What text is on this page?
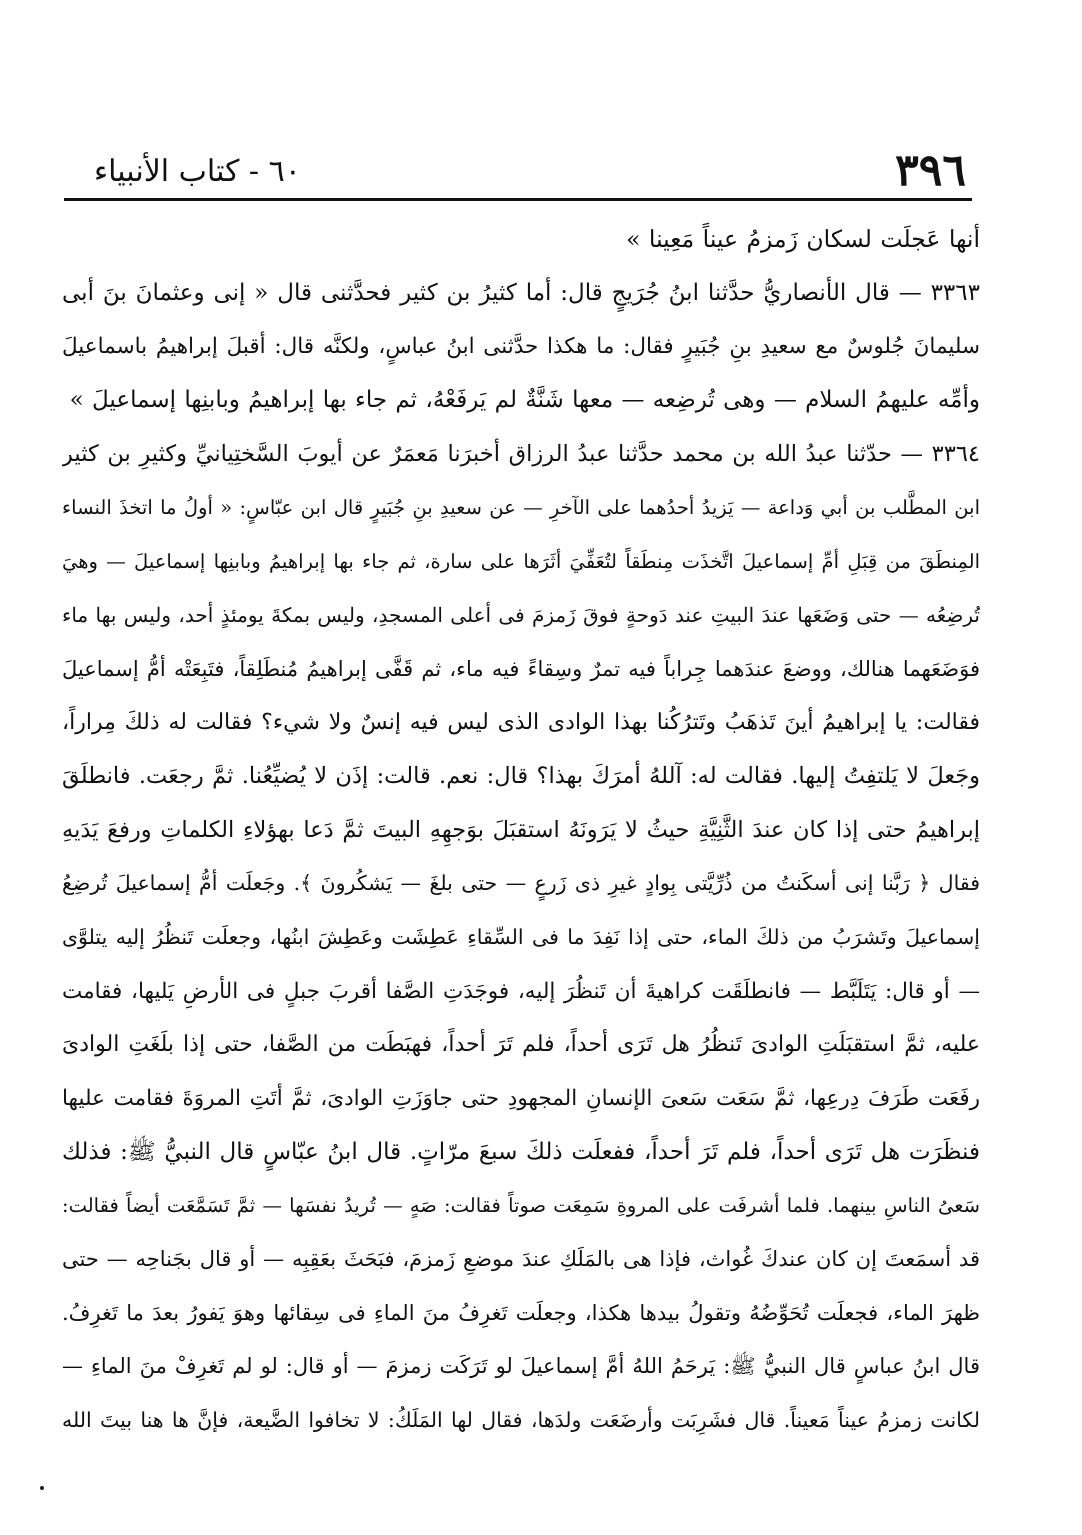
٣٩٦
٦٠ - كتاب الأنبياء
أنها عَجلَت لسكان زَمزمُ عيناً مَعِينا »
٣٣٦٣ — قال الأنصاريُّ حدَّثنا ابنُ جُرَيجٍ قال: أما كثيرُ بن كثير فحدَّثنى قال « إنى وعثمانَ بنَ أبى
سليمانَ جُلوسٌ مع سعيدِ بنِ جُبَيرٍ فقال: ما هكذا حدَّثنى ابنُ عباسٍ، ولكنَّه قال: أقبلَ إبراهيمُ باسماعيلَ
وأمِّه عليهمُ السلام — وهى تُرضِعه — معها شَنَّةٌ لم يَرفَعْهُ، ثم جاء بها إبراهيمُ وبابنِها إسماعيلَ »
٣٣٦٤ — حدّثنا عبدُ الله بن محمد حدَّثنا عبدُ الرزاق أخبرَنا مَعمَرٌ عن أيوبَ السَّختِيانيِّ وكثيرِ بن كثير
ابن المطَّلب بن أبي وَداعة — يَزيدُ أحدُهما على الآخرِ — عن سعيدِ بنِ جُبَيرٍ قال ابن عبّاسٍ: « أولُ ما اتخذَ النساء
المِنطَقَ من قِبَلِ أمِّ إسماعيلَ اتَّخذَت مِنطَقاً لتُعَفِّيَ أثَرَها على سارة، ثم جاء بها إبراهيمُ وبابنِها إسماعيلَ — وهيَ
تُرضِعُه — حتى وَضَعَها عندَ البيتِ عند دَوحةٍ فوقَ زَمزمَ فى أعلى المسجدِ، وليس بمكةَ يومئذٍ أحد، وليس بها ماء
فوَضَعَهما هنالك، ووضعَ عندَهما جِراباً فيه تمرٌ وسِقاءً فيه ماء، ثم قَفَّى إبراهيمُ مُنطَلِقاً، فتَبِعَتْه أمُّ إسماعيلَ
فقالت: يا إبراهيمُ أينَ تَذهَبُ وتَترُكُنا بهذا الوادى الذى ليس فيه إنسٌ ولا شيء؟ فقالت له ذلكَ مِراراً،
وجَعلَ لا يَلتفِتُ إليها. فقالت له: آللهُ أمرَكَ بهذا؟ قال: نعم. قالت: إذَن لا يُضيِّعُنا. ثمَّ رجعَت. فانطلَقَ
إبراهيمُ حتى إذا كان عندَ الثَّنِيَّةِ حيثُ لا يَرَونَهُ استقبَلَ بوَجهِهِ البيتَ ثمَّ دَعا بهؤلاءِ الكلماتِ ورفعَ يَدَيهِ
فقال ﴿ رَبَّنا إنى أسكَنتُ من ذُرِّيَّتى بِوادٍ غيرِ ذى زَرعٍ — حتى بلغَ — يَشكُرونَ ﴾. وجَعلَت أمُّ إسماعيلَ تُرضِعُ
إسماعيلَ وتَشرَبُ من ذلكَ الماء، حتى إذا نَفِدَ ما فى السِّقاءِ عَطِشَت وعَطِشَ ابنُها، وجعلَت تَنظُرُ إليه يتلوَّى
— أو قال: يَتَلَبَّط — فانطلَقَت كراهيةَ أن تَنظُرَ إليه، فوجَدَتِ الصَّفا أقربَ جبلٍ فى الأرضِ يَليها، فقامت
عليه، ثمَّ استقبَلَتِ الوادىَ تَنظُرُ هل تَرَى أحداً، فلم تَرَ أحداً، فهبَطَت من الصَّفا، حتى إذا بلَغَتِ الوادىَ
رفَعَت طَرَفَ دِرعِها، ثمَّ سَعَت سَعىَ الإنسانِ المجهودِ حتى جاوَزَتِ الوادىَ، ثمَّ أتَتِ المروَةَ فقامت عليها
فنظَرَت هل تَرَى أحداً، فلم تَرَ أحداً، ففعلَت ذلكَ سبعَ مرّاتٍ. قال ابنُ عبّاسٍ قال النبيُّ ﷺ: فذلك
سَعىُ الناسِ بينهما. فلما أشرفَت على المروةِ سَمِعَت صوتاً فقالت: صَهٍ — تُريدُ نفسَها — ثمَّ تَسَمَّعَت أيضاً فقالت:
قد أسمَعتَ إن كان عندكَ غُواث، فإذا هى بالمَلَكِ عندَ موضعِ زَمزمَ، فبَحَثَ بعَقِبِه — أو قال بجَناحِه — حتى
ظهرَ الماء، فجعلَت تُحَوِّضُهُ وتقولُ بيدها هكذا، وجعلَت تَغرِفُ منَ الماءِ فى سِقائها وهوَ يَفورُ بعدَ ما تَغرِفُ.
قال ابنُ عباسٍ قال النبيُّ ﷺ: يَرحَمُ اللهُ أمَّ إسماعيلَ لو تَرَكَت زمزمَ — أو قال: لو لم تَغرِفْ منَ الماءِ —
لكانت زمزمُ عيناً مَعيناً. قال فشَرِبَت وأرضَعَت ولدَها، فقال لها المَلَكُ: لا تخافوا الضَّيعة، فإنَّ ها هنا بيتَ الله
